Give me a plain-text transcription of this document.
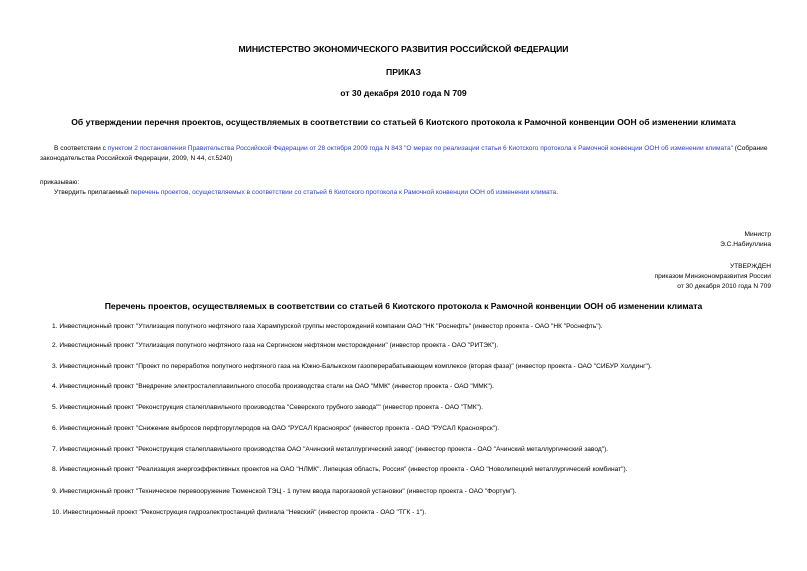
МИНИСТЕРСТВО ЭКОНОМИЧЕСКОГО РАЗВИТИЯ РОССИЙСКОЙ ФЕДЕРАЦИИ
ПРИКАЗ
от 30 декабря 2010 года N 709
Об утверждении перечня проектов, осуществляемых в соответствии со статьей 6 Киотского протокола к Рамочной конвенции ООН об изменении климата
В соответствии с пунктом 2 постановления Правительства Российской Федерации от 28 октября 2009 года N 843 "О мерах по реализации статьи 6 Киотского протокола к Рамочной конвенции ООН об изменении климата" (Собрание законодательства Российской Федерации, 2009, N 44, ст.5240)
приказываю:
Утвердить прилагаемый перечень проектов, осуществляемых в соответствии со статьей 6 Киотского протокола к Рамочной конвенции ООН об изменении климата.
Министр
Э.С.Набиуллина
УТВЕРЖДЕН
приказом Минэкономразвития России
от 30 декабря 2010 года N 709
Перечень проектов, осуществляемых в соответствии со статьей 6 Киотского протокола к Рамочной конвенции ООН об изменении климата
1. Инвестиционный проект "Утилизация попутного нефтяного газа Харампурской группы месторождений компании ОАО "НК "Роснефть" (инвестор проекта - ОАО "НК "Роснефть").
2. Инвестиционный проект "Утилизация попутного нефтяного газа на Сергинском нефтяном месторождении" (инвестор проекта - ОАО "РИТЭК").
3. Инвестиционный проект "Проект по переработке попутного нефтяного газа на Южно-Балыкском газоперерабатывающем комплексе (вторая фаза)" (инвестор проекта - ОАО "СИБУР Холдинг").
4. Инвестиционный проект "Внедрение электросталеплавильного способа производства стали на ОАО "ММК" (инвестор проекта - ОАО "ММК").
5. Инвестиционный проект "Реконструкция сталеплавильного производства "Северского трубного завода"" (инвестор проекта - ОАО "ТМК").
6. Инвестиционный проект "Снижение выбросов перфторуглеродов на ОАО "РУСАЛ Красноярск" (инвестор проекта - ОАО "РУСАЛ Красноярск").
7. Инвестиционный проект "Реконструкция сталеплавильного производства ОАО "Ачинский металлургический завод" (инвестор проекта - ОАО "Ачинский металлургический завод").
8. Инвестиционный проект "Реализация энергоэффективных проектов на ОАО "НЛМК". Липецкая область, Россия" (инвестор проекта - ОАО "Новолипецкий металлургический комбинат").
9. Инвестиционный проект "Техническое перевооружение Тюменской ТЭЦ - 1 путем ввода парогазовой установки" (инвестор проекта - ОАО "Фортум").
10. Инвестиционный проект "Реконструкция гидроэлектростанций филиала "Невский" (инвестор проекта - ОАО "ТГК - 1").
